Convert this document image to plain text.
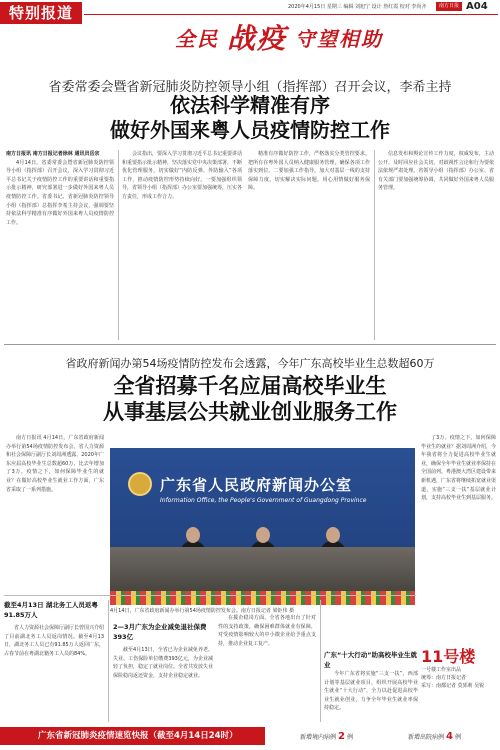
特别报道	2020年4月15日 星期三 编辑 刘旭宁 设计 詹红霞 校对 李尚齐	南方日报 A04
全民 战疫 守望相助
省委常委会暨省新冠肺炎防控领导小组（指挥部）召开会议，李希主持
依法科学精准有序
做好外国来粤人员疫情防控工作

南方日报讯 南方日报记者徐林 通讯员岳宗

4月14日，省委常委会暨省新冠肺炎防控领导小组（指挥部）召开会议，深入学习贯彻习近平总书记关于疫情防控工作的重要讲话和重要指示批示精神，研究部署进一步做好外国来粤人员疫情防控工作。省委书记、省新冠肺炎防控领导小组（指挥部）总指挥李希主持会议，强调要坚持依法科学精准有序做好外国来粤人员疫情防控工作。

会议指出，要深入学习贯彻习近平总书记重要讲话和重要指示批示精神，坚决落实党中央决策部署，不断优化管理服务，切实做好“内防反弹、外防输入”各项工作，推动疫情防控形势持续向好。一要加强组织领导，省领导小组（指挥部）办公室要加强统筹，压实各方责任，形成工作合力。

精准有序做好防控工作，严格落实分类管控要求。把所有在粤外国人员纳入健康服务管理，确保各项工作落实到位。二要加强工作指导，加大对基层一线的支持保障力度，切实解决实际问题，用心用情做好服务保障。

信息发布和舆论宣传工作力度，权威发布，主动公开，及时回应社会关切。对歧视性言论和行为要依法依规严肃处理。省领导小组（指挥部）办公室、省有关部门要加强统筹协调，共同做好外国来粤人员服务管理。

省政府新闻办第54场疫情防控发布会透露，今年广东高校毕业生总数超60万
全省招募千名应届高校毕业生
从事基层公共就业创业服务工作

南方日报讯 4月14日，广东省政府新闻办举行第54场疫情防控发布会，省人力资源和社会保障厅副厅长刘周洲透露，2020年广东应届高校毕业生总数超60万，比去年增加了3万。疫情之下，如何保障毕业生的就业？在做好高校毕业生就业工作方面，广东省采取了一系列措施。	广东省人民政府新闻办公室
Information Office, the People's Government of Guangdong Province
4月14日，广东省政府新闻办举行第54场疫情防控发布会。南方日报记者 梁钜伟 摄

了3万。疫情之下，如何保障毕业生的就业？据刘周洲介绍，今年我省将全力促进高校毕业生就业，确保全年毕业生就业率保持在全国前列。粤港澳大湾区建设带来新机遇，广东省将继续拓宽就业渠道，实施“三支一扶”基层就业计划，支持高校毕业生到基层服务。

截至4月13日 湖北务工人员返粤91.85万人

省人力资源社会保障厅副厅长曾国兴介绍了目前湖北务工人员返岗情况。截至4月13日，湖北务工人员已有91.85万人返回广东，占春节前在粤湖北籍务工人员的84%。

2—3月广东为企业减免退社保费393亿

截至4月13日，全省已为企业减免养老、失业、工伤保险单位缴费393亿元，为企业减轻了负担，稳定了就业岗位。全省共发放失业保险稳岗返还资金，支持企业稳定就业。

在援企稳岗方面，全省各地出台了针对性的支持政策，确保困难群体就业有保障，对受疫情影响较大的中小微企业给予重点支持，推动企业复工复产。

广东“十大行动”助高校毕业生就业

今年广东省将实施“三支一扶”、西部计划等基层就业项目，组织开展高校毕业生就业“十大行动”，全力以赴促进高校毕业生就业创业，力争全年毕业生就业率保持稳定。

11号楼
一号楼工作室出品
统筹：南方日报记者
采写：南都记者 莫郅莉 吴锐
广东省新冠肺炎疫情速览快报（截至4月14日24时）	新增境内病例 2 例	新增出院病例 4 例
